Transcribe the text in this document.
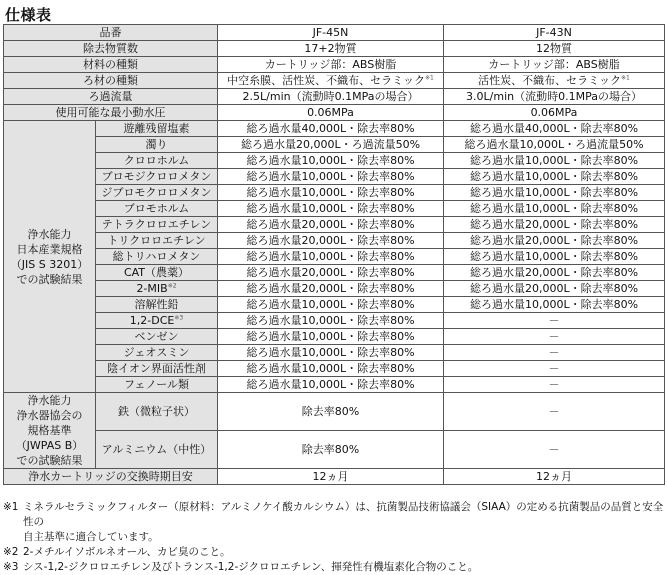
仕様表
品番		JF-45N	JF-43N
除去物質数		17+2物質	12物質
材料の種類		カートリッジ部：ABS樹脂	カートリッジ部：ABS樹脂
ろ材の種類		中空糸膜、活性炭、不織布、セラミック$^{※1}$	活性炭、不織布、セラミック$^{※1}$
ろ過流量		2.5L/min（流動時0.1MPaの場合）	3.0L/min（流動時0.1MPaの場合）
使用可能な最小動水圧		0.06MPa	0.06MPa

浄水能力
日本産業規格
（JIS S 3201）
での試験結果	遊離残留塩素	総ろ過水量40,000L・除去率80%	総ろ過水量40,000L・除去率80%
	濁り	総ろ過水量20,000L・ろ過流量50%	総ろ過水量10,000L・ろ過流量50%
	クロロホルム	総ろ過水量10,000L・除去率80%	総ろ過水量10,000L・除去率80%
	ブロモジクロロメタン	総ろ過水量10,000L・除去率80%	総ろ過水量10,000L・除去率80%
	ジブロモクロロメタン	総ろ過水量10,000L・除去率80%	総ろ過水量10,000L・除去率80%
	ブロモホルム	総ろ過水量10,000L・除去率80%	総ろ過水量10,000L・除去率80%
	テトラクロロエチレン	総ろ過水量20,000L・除去率80%	総ろ過水量20,000L・除去率80%
	トリクロロエチレン	総ろ過水量20,000L・除去率80%	総ろ過水量20,000L・除去率80%
	総トリハロメタン	総ろ過水量10,000L・除去率80%	総ろ過水量10,000L・除去率80%
	CAT（農薬）	総ろ過水量20,000L・除去率80%	総ろ過水量20,000L・除去率80%
	2-MIB$^{※2}$	総ろ過水量20,000L・除去率80%	総ろ過水量20,000L・除去率80%
	溶解性鉛	総ろ過水量10,000L・除去率80%	総ろ過水量10,000L・除去率80%
	1,2-DCE$^{※3}$	総ろ過水量10,000L・除去率80%	－
	ベンゼン	総ろ過水量10,000L・除去率80%	－
	ジェオスミン	総ろ過水量10,000L・除去率80%	－
	陰イオン界面活性剤	総ろ過水量10,000L・除去率80%	－
	フェノール類	総ろ過水量10,000L・除去率80%	－

浄水能力
浄水器協会の
規格基準
（JWPAS B）
での試験結果	鉄（微粒子状）	除去率80%	－
	アルミニウム（中性）	除去率80%	－
浄水カートリッジの交換時期目安		12ヵ月	12ヵ月
※1 ミネラルセラミックフィルター（原材料：アルミノケイ酸カルシウム）は、抗菌製品技術協議会（SIAA）の定める抗菌製品の品質と安全性の
自主基準に適合しています。
※2 2-メチルイソボルネオール、カビ臭のこと。
※3 シス-1,2-ジクロロエチレン及びトランス-1,2-ジクロロエチレン、揮発性有機塩素化合物のこと。
